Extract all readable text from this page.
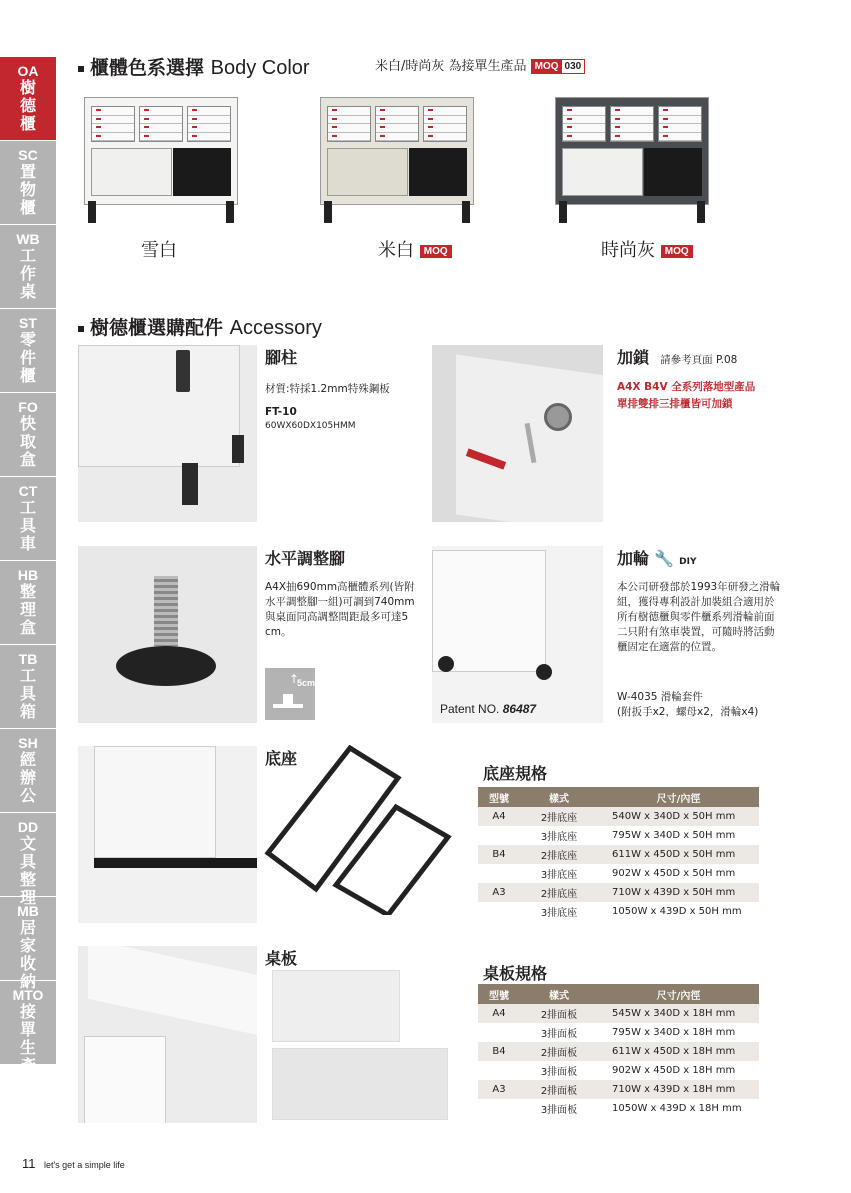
OA
樹德櫃
SC
置物櫃
WB
工作桌
ST
零件櫃
FO
快取盒
CT
工具車
HB
整理盒
TB
工具箱
SH
經辦公
DD
文具整理
MB
居家收納
MTO
接單生產
櫃體色系選擇 Body Color	米白/時尚灰 為接單生產品 MOQ 030
雪白	米白 MOQ	時尚灰 MOQ
樹德櫃選購配件 Accessory
腳柱
材質:特採1.2mm特殊鋼板
FT-10
60WX60DX105HMM
加鎖 請參考頁面 P.08
A4X B4V 全系列落地型產品
單排雙排三排櫃皆可加鎖
水平調整腳
A4X抽690mm高櫃體系列(皆附水平調整腳一組)可調到740mm與桌面同高調整間距最多可達5 cm。
↑
5cm
Patent NO. 86487
加輪 🔧 DIY
本公司研發部於1993年研發之滑輪組，獲得專利設計加裝組合適用於所有樹德櫃與零件櫃系列滑輪前面二只附有煞車裝置，可隨時將活動櫃固定在適當的位置。
W-4035 滑輪套件
(附扳手x2，螺母x2，滑輪x4)
底座
桌板
底座規格
型號	樣式	尺寸/內徑
A4	2排底座	540W x 340D x 50H mm
	3排底座	795W x 340D x 50H mm
B4	2排底座	611W x 450D x 50H mm
	3排底座	902W x 450D x 50H mm
A3	2排底座	710W x 439D x 50H mm
	3排底座	1050W x 439D x 50H mm
桌板規格
型號	樣式	尺寸/內徑
A4	2排面板	545W x 340D x 18H mm
	3排面板	795W x 340D x 18H mm
B4	2排面板	611W x 450D x 18H mm
	3排面板	902W x 450D x 18H mm
A3	2排面板	710W x 439D x 18H mm
	3排面板	1050W x 439D x 18H mm
11 let's get a simple life
